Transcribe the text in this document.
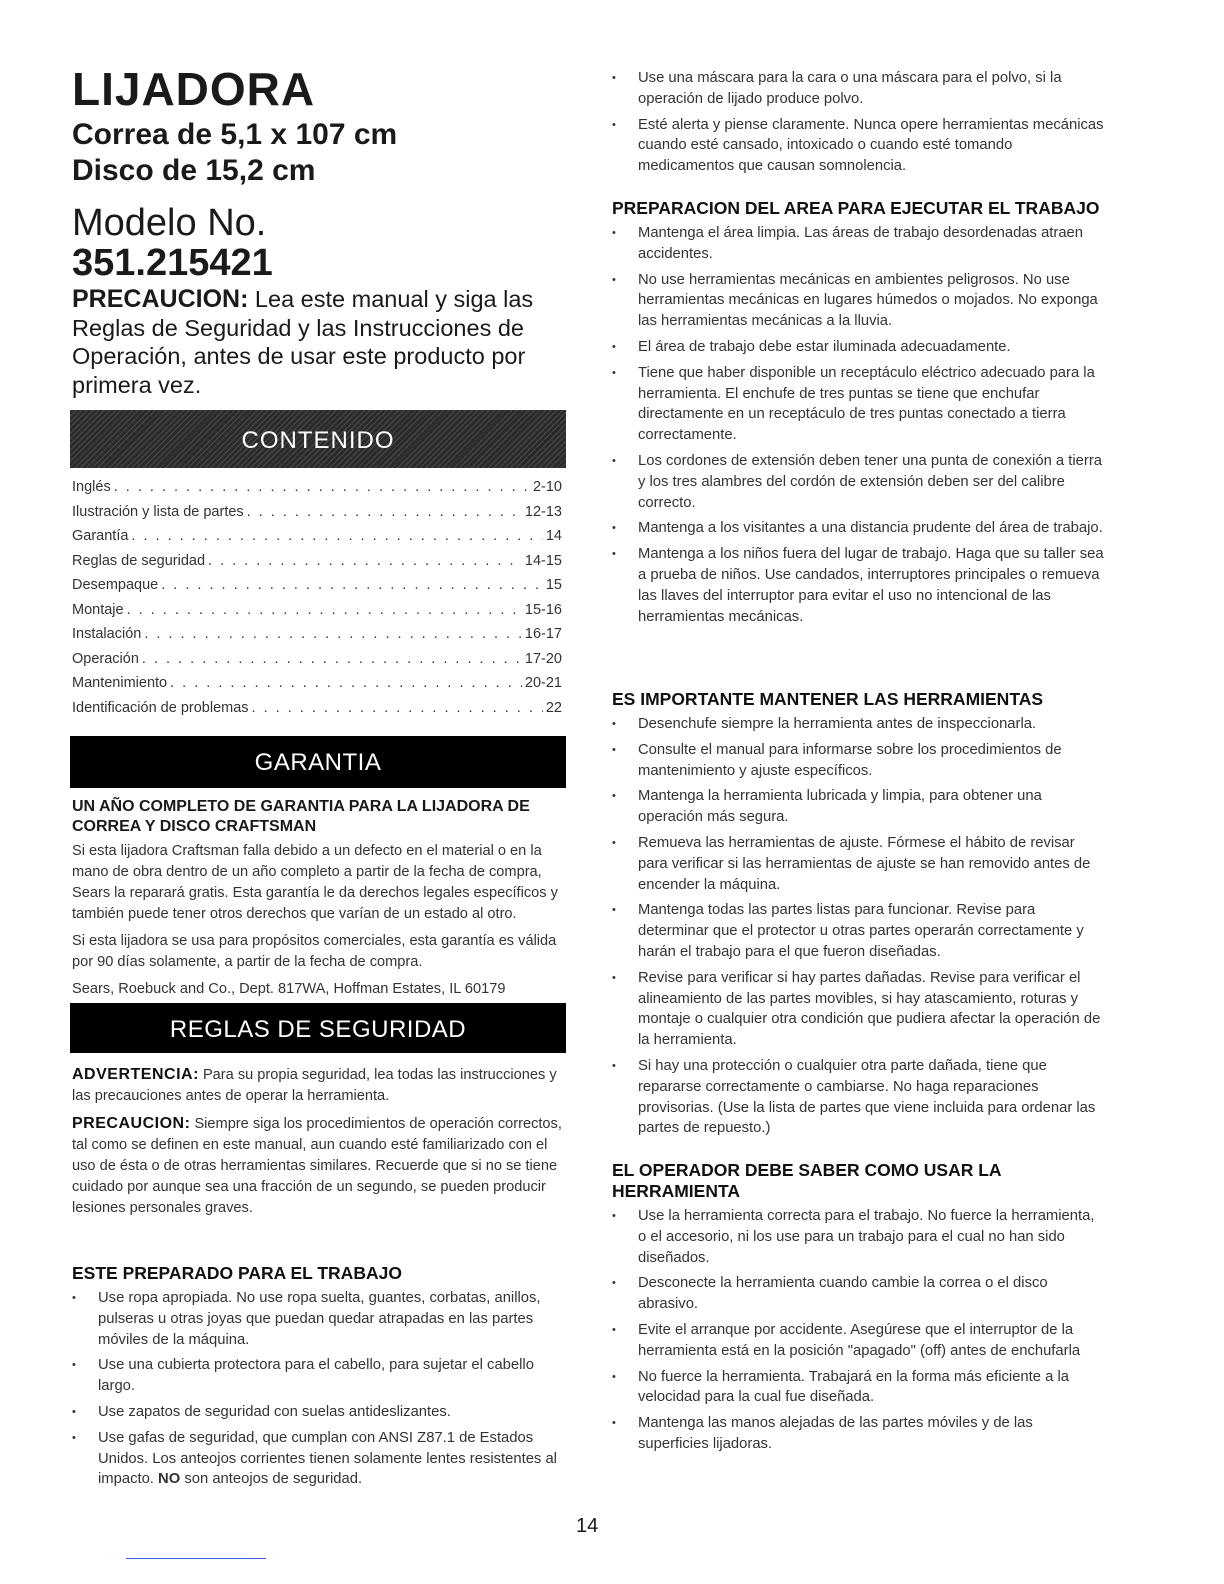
LIJADORA
Correa de 5,1 x 107 cm
Disco de 15,2 cm
Modelo No.
351.215421

PRECAUCION: Lea este manual y siga las Reglas de Seguridad y las Instrucciones de Operación, antes de usar este producto por primera vez.

CONTENIDO
Inglés . . .	2-10
Ilustración y lista de partes . . .	12-13
Garantía . . .	14
Reglas de seguridad . . .	14-15
Desempaque . . .	15
Montaje . . .	15-16
Instalación . . .	16-17
Operación . . .	17-20
Mantenimiento . . .	20-21
Identificación de problemas . . .	22
GARANTIA

UN AÑO COMPLETO DE GARANTIA PARA LA LIJADORA DE CORREA Y DISCO CRAFTSMAN

Si esta lijadora Craftsman falla debido a un defecto en el material o en la mano de obra dentro de un año completo a partir de la fecha de compra, Sears la reparará gratis. Esta garantía le da derechos legales específicos y también puede tener otros derechos que varían de un estado al otro.

Si esta lijadora se usa para propósitos comerciales, esta garantía es válida por 90 días solamente, a partir de la fecha de compra.

Sears, Roebuck and Co., Dept. 817WA, Hoffman Estates, IL 60179

REGLAS DE SEGURIDAD

ADVERTENCIA: Para su propia seguridad, lea todas las instrucciones y las precauciones antes de operar la herramienta.

PRECAUCION: Siempre siga los procedimientos de operación correctos, tal como se definen en este manual, aun cuando esté familiarizado con el uso de ésta o de otras herramientas similares. Recuerde que si no se tiene cuidado por aunque sea una fracción de un segundo, se pueden producir lesiones personales graves.

ESTE PREPARADO PARA EL TRABAJO

• Use ropa apropiada. No use ropa suelta, guantes, corbatas, anillos, pulseras u otras joyas que puedan quedar atrapadas en las partes móviles de la máquina.
• Use una cubierta protectora para el cabello, para sujetar el cabello largo.
• Use zapatos de seguridad con suelas antideslizantes.
• Use gafas de seguridad, que cumplan con ANSI Z87.1 de Estados Unidos. Los anteojos corrientes tienen solamente lentes resistentes al impacto. NO son anteojos de seguridad.
• Use una máscara para la cara o una máscara para el polvo, si la operación de lijado produce polvo.
• Esté alerta y piense claramente. Nunca opere herramientas mecánicas cuando esté cansado, intoxicado o cuando esté tomando medicamentos que causan somnolencia.

PREPARACION DEL AREA PARA EJECUTAR EL TRABAJO

• Mantenga el área limpia. Las áreas de trabajo desordenadas atraen accidentes.
• No use herramientas mecánicas en ambientes peligrosos. No use herramientas mecánicas en lugares húmedos o mojados. No exponga las herramientas mecánicas a la lluvia.
• El área de trabajo debe estar iluminada adecuadamente.
• Tiene que haber disponible un receptáculo eléctrico adecuado para la herramienta. El enchufe de tres puntas se tiene que enchufar directamente en un receptáculo de tres puntas conectado a tierra correctamente.
• Los cordones de extensión deben tener una punta de conexión a tierra y los tres alambres del cordón de extensión deben ser del calibre correcto.
• Mantenga a los visitantes a una distancia prudente del área de trabajo.
• Mantenga a los niños fuera del lugar de trabajo. Haga que su taller sea a prueba de niños. Use candados, interruptores principales o remueva las llaves del interruptor para evitar el uso no intencional de las herramientas mecánicas.

ES IMPORTANTE MANTENER LAS HERRAMIENTAS

• Desenchufe siempre la herramienta antes de inspeccionarla.
• Consulte el manual para informarse sobre los procedimientos de mantenimiento y ajuste específicos.
• Mantenga la herramienta lubricada y limpia, para obtener una operación más segura.
• Remueva las herramientas de ajuste. Fórmese el hábito de revisar para verificar si las herramientas de ajuste se han removido antes de encender la máquina.
• Mantenga todas las partes listas para funcionar. Revise para determinar que el protector u otras partes operarán correctamente y harán el trabajo para el que fueron diseñadas.
• Revise para verificar si hay partes dañadas. Revise para verificar el alineamiento de las partes movibles, si hay atascamiento, roturas y montaje o cualquier otra condición que pudiera afectar la operación de la herramienta.
• Si hay una protección o cualquier otra parte dañada, tiene que repararse correctamente o cambiarse. No haga reparaciones provisorias. (Use la lista de partes que viene incluida para ordenar las partes de repuesto.)

EL OPERADOR DEBE SABER COMO USAR LA HERRAMIENTA

• Use la herramienta correcta para el trabajo. No fuerce la herramienta, o el accesorio, ni los use para un trabajo para el cual no han sido diseñados.
• Desconecte la herramienta cuando cambie la correa o el disco abrasivo.
• Evite el arranque por accidente. Asegúrese que el interruptor de la herramienta está en la posición "apagado" (off) antes de enchufarla
• No fuerce la herramienta. Trabajará en la forma más eficiente a la velocidad para la cual fue diseñada.
• Mantenga las manos alejadas de las partes móviles y de las superficies lijadoras.
14
